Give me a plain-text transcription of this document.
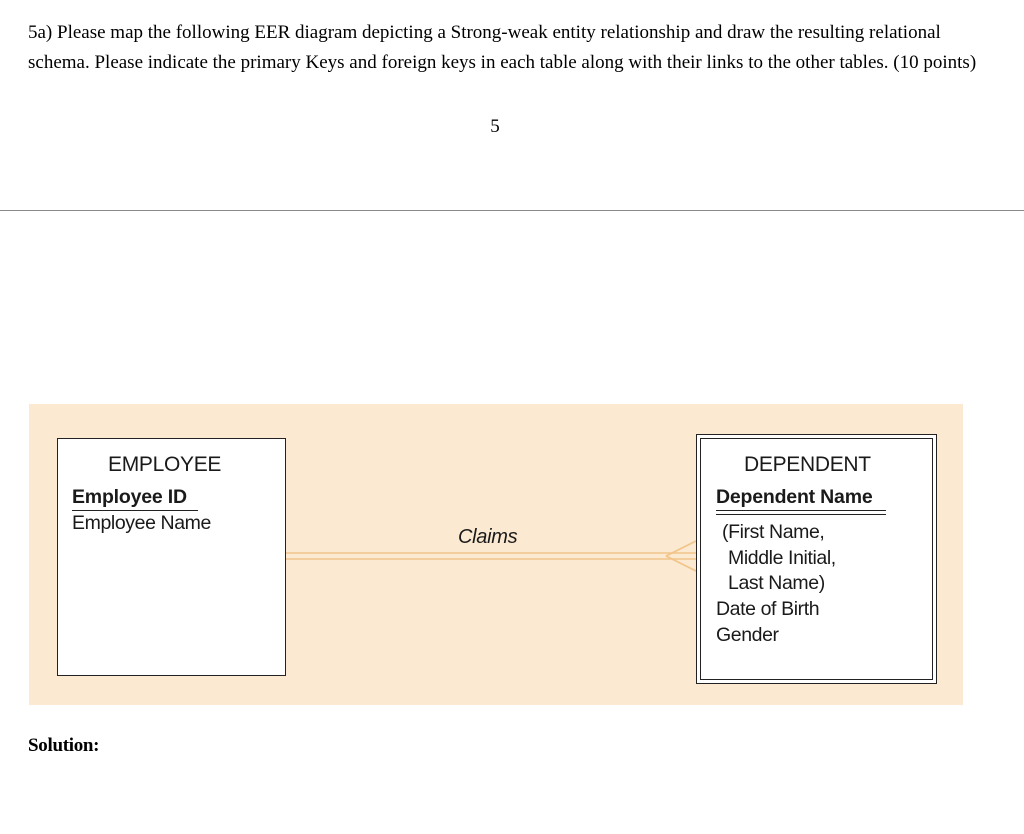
5a) Please map the following EER diagram depicting a Strong-weak entity relationship and draw the resulting relational schema. Please indicate the primary Keys and foreign keys in each table along with their links to the other tables. (10 points)

5
Claims
EMPLOYEE
Employee ID
Employee Name
DEPENDENT
Dependent Name
(First Name,
Middle Initial,
Last Name)
Date of Birth
Gender
Solution:
